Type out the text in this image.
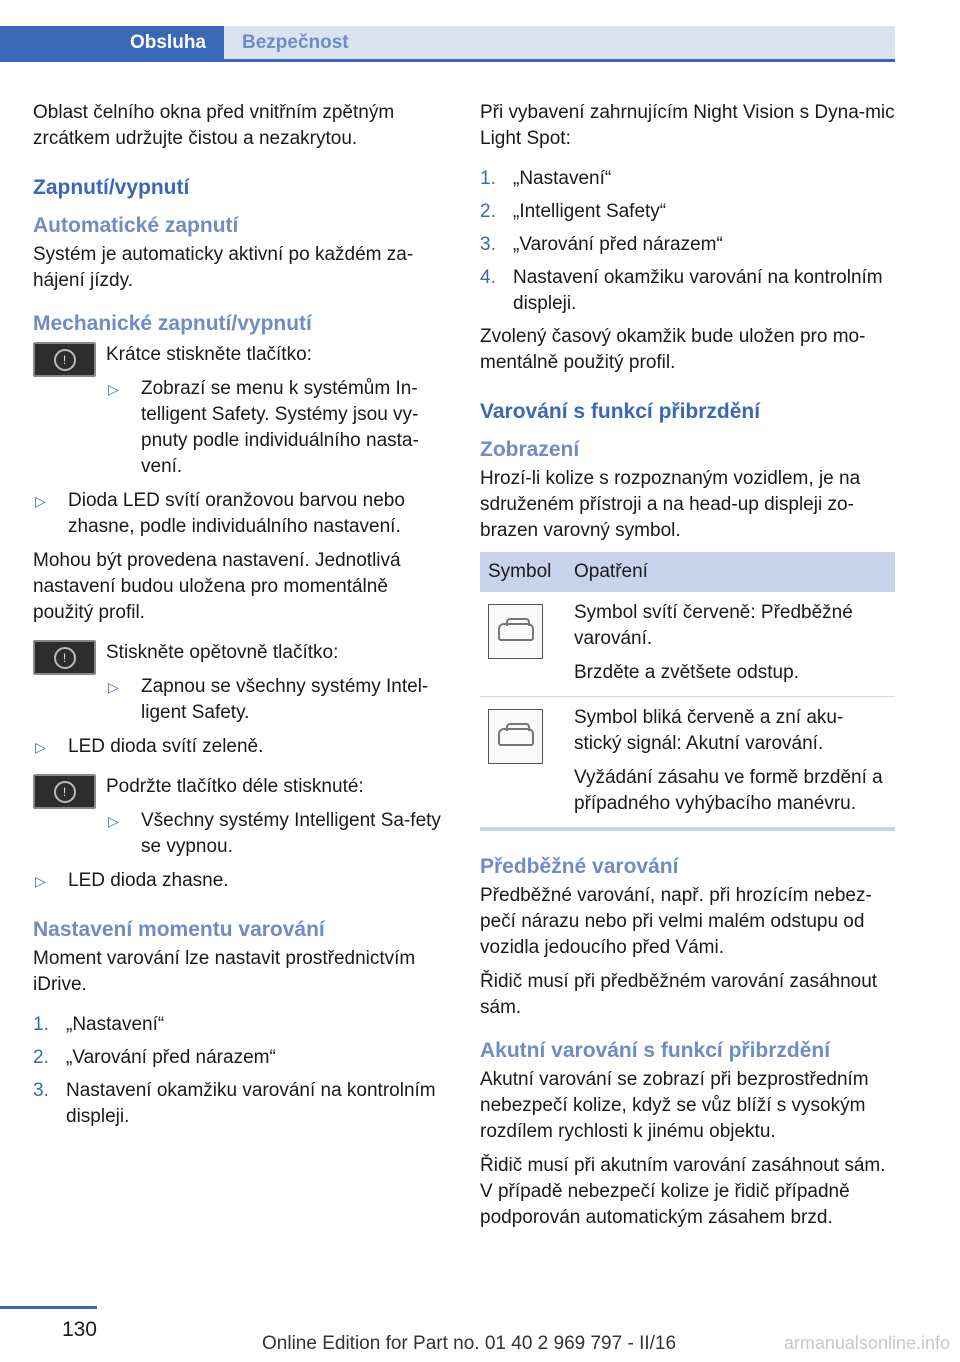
Obsluha	Bezpečnost

Oblast čelního okna před vnitřním zpětným zrcátkem udržujte čistou a nezakrytou.

Zapnutí/vypnutí
Automatické zapnutí

Systém je automaticky aktivní po každém za-hájení jízdy.

Mechanické zapnutí/vypnutí
!	Krátce stiskněte tlačítko:

▷ Zobrazí se menu k systémům In-telligent Safety. Systémy jsou vy-pnuty podle individuálního nasta-vení.
▷ Dioda LED svítí oranžovou barvou nebo zhasne, podle individuálního nastavení.

Mohou být provedena nastavení. Jednotlivá nastavení budou uložena pro momentálně použitý profil.

!	Stiskněte opětovně tlačítko:

▷ Zapnou se všechny systémy Intel-ligent Safety.
▷ LED dioda svítí zeleně.
!	Podržte tlačítko déle stisknuté:

▷ Všechny systémy Intelligent Sa-fety se vypnou.
▷ LED dioda zhasne.
Nastavení momentu varování

Moment varování lze nastavit prostřednictvím iDrive.

1. „Nastavení“
2. „Varování před nárazem“
3. Nastavení okamžiku varování na kontrolním displeji.

Při vybavení zahrnujícím Night Vision s Dyna-mic Light Spot:

1. „Nastavení“
2. „Intelligent Safety“
3. „Varování před nárazem“
4. Nastavení okamžiku varování na kontrolním displeji.

Zvolený časový okamžik bude uložen pro mo-mentálně použitý profil.

Varování s funkcí přibrzdění
Zobrazení

Hrozí-li kolize s rozpoznaným vozidlem, je na sdruženém přístroji a na head-up displeji zo-brazen varovný symbol.

Symbol	Opatření

	Symbol svítí červeně: Předběžné varování.

Brzděte a zvětšete odstup.

	Symbol bliká červeně a zní aku-stický signál: Akutní varování.

Vyžádání zásahu ve formě brzdění a případného vyhýbacího manévru.

Předběžné varování

Předběžné varování, např. při hrozícím nebez-pečí nárazu nebo při velmi malém odstupu od vozidla jedoucího před Vámi.

Řidič musí při předběžném varování zasáhnout sám.

Akutní varování s funkcí přibrzdění

Akutní varování se zobrazí při bezprostředním nebezpečí kolize, když se vůz blíží s vysokým rozdílem rychlosti k jinému objektu.

Řidič musí při akutním varování zasáhnout sám. V případě nebezpečí kolize je řidič případně podporován automatickým zásahem brzd.

130
Online Edition for Part no. 01 40 2 969 797 - II/16	armanualsonline.info
